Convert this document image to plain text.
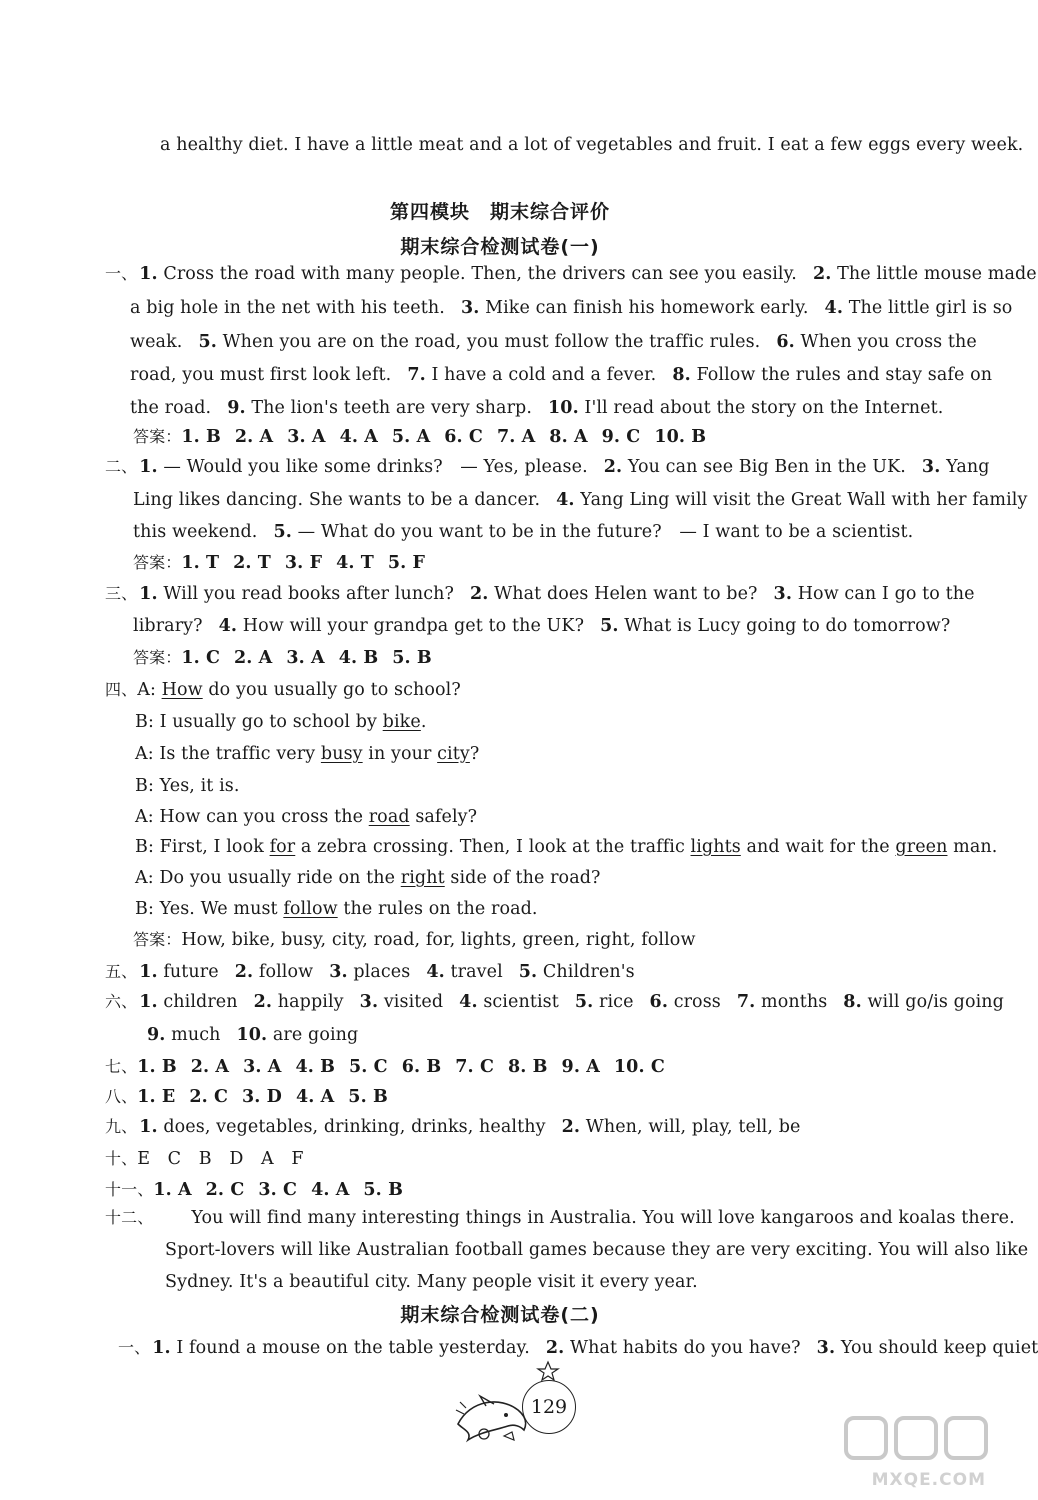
a healthy diet. I have a little meat and a lot of vegetables and fruit. I eat a few eggs every week.
第四模块　期末综合评价
期末综合检测试卷(一)
一、 1. Cross the road with many people. Then, the drivers can see you easily. 2. The little mouse made
a big hole in the net with his teeth. 3. Mike can finish his homework early. 4. The little girl is so
weak. 5. When you are on the road, you must follow the traffic rules. 6. When you cross the
road, you must first look left. 7. I have a cold and a fever. 8. Follow the rules and stay safe on
the road. 9. The lion's teeth are very sharp. 10. I'll read about the story on the Internet.
答案：1. B 2. A 3. A 4. A 5. A 6. C 7. A 8. A 9. C 10. B
二、 1. — Would you like some drinks?　— Yes, please. 2. You can see Big Ben in the UK. 3. Yang
Ling likes dancing. She wants to be a dancer. 4. Yang Ling will visit the Great Wall with her family
this weekend. 5. — What do you want to be in the future?　— I want to be a scientist.
答案：1. T 2. T 3. F 4. T 5. F
三、 1. Will you read books after lunch? 2. What does Helen want to be? 3. How can I go to the
library? 4. How will your grandpa get to the UK? 5. What is Lucy going to do tomorrow?
答案：1. C 2. A 3. A 4. B 5. B
四、A: How do you usually go to school?
B: I usually go to school by bike.
A: Is the traffic very busy in your city?
B: Yes, it is.
A: How can you cross the road safely?
B: First, I look for a zebra crossing. Then, I look at the traffic lights and wait for the green man.
A: Do you usually ride on the right side of the road?
B: Yes. We must follow the rules on the road.
答案：How, bike, busy, city, road, for, lights, green, right, follow
五、 1. future 2. follow 3. places 4. travel 5. Children's
六、 1. children 2. happily 3. visited 4. scientist 5. rice 6. cross 7. months 8. will go/is going
9. much 10. are going
七、1. B 2. A 3. A 4. B 5. C 6. B 7. C 8. B 9. A 10. C
八、1. E 2. C 3. D 4. A 5. B
九、 1. does, vegetables, drinking, drinks, healthy 2. When, will, play, tell, be
十、E　C　B　D　A　F
十一、1. A 2. C 3. C 4. A 5. B
十二、 You will find many interesting things in Australia. You will love kangaroos and koalas there.
Sport-lovers will like Australian football games because they are very exciting. You will also like
Sydney. It's a beautiful city. Many people visit it every year.
期末综合检测试卷(二)
一、 1. I found a mouse on the table yesterday. 2. What habits do you have? 3. You should keep quiet
129
MXQE.COM
